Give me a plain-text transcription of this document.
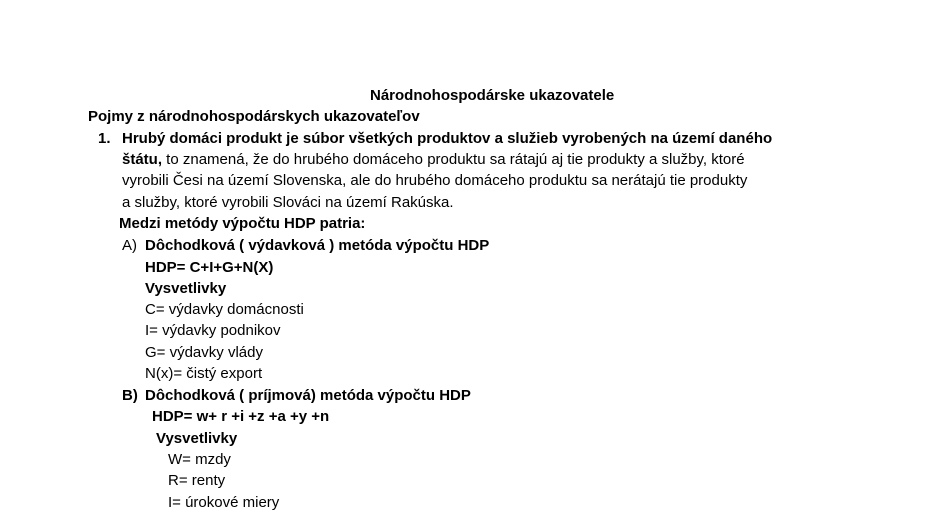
Národnohospodárske ukazovatele
Pojmy z národnohospodárskych ukazovateľov
1. Hrubý domáci produkt je súbor všetkých produktov a služieb vyrobených na území daného
štátu, to znamená, že do hrubého domáceho produktu sa rátajú aj tie produkty a služby, ktoré
vyrobili Česi na území Slovenska, ale do hrubého domáceho produktu sa nerátajú tie produkty
a služby, ktoré vyrobili Slováci na území Rakúska.
Medzi metódy výpočtu HDP patria:
A) Dôchodková ( výdavková ) metóda výpočtu HDP
HDP= C+I+G+N(X)
Vysvetlivky
C= výdavky domácnosti
I= výdavky podnikov
G= výdavky vlády
N(x)= čistý export
B) Dôchodková ( príjmová) metóda výpočtu HDP
HDP= w+ r +i +z +a +y +n
Vysvetlivky
W= mzdy
R= renty
I= úrokové miery
